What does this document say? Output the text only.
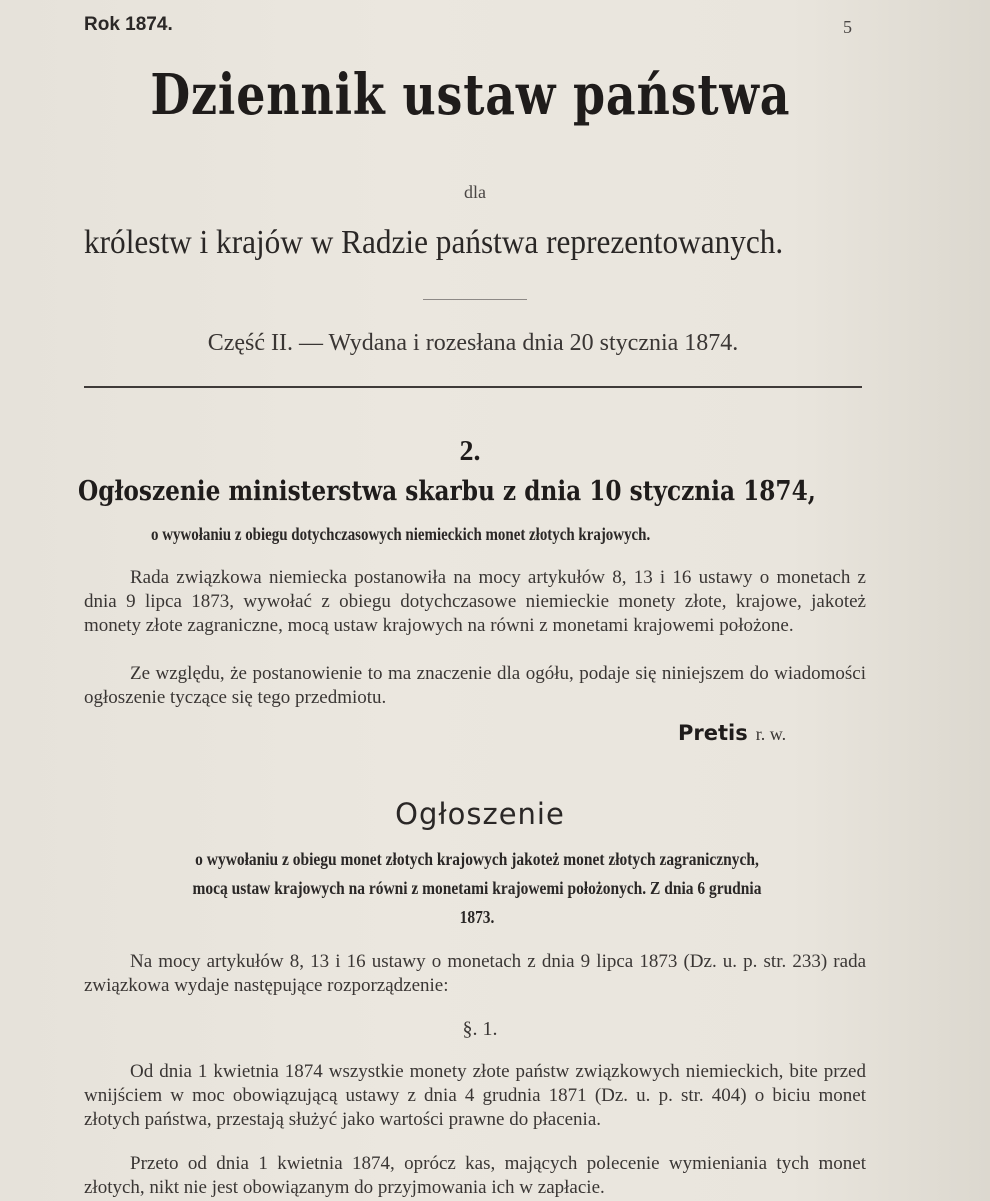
Rok 1874.	5
Dziennik ustaw państwa
dla
królestw i krajów w Radzie państwa reprezentowanych.
Część II. — Wydana i rozesłana dnia 20 stycznia 1874.
2.
Ogłoszenie ministerstwa skarbu z dnia 10 stycznia 1874,
o wywołaniu z obiegu dotychczasowych niemieckich monet złotych krajowych.

Rada związkowa niemiecka postanowiła na mocy artykułów 8, 13 i 16 ustawy o monetach z dnia 9 lipca 1873, wywołać z obiegu dotychczasowe niemieckie monety złote, krajowe, jakoteż monety złote zagraniczne, mocą ustaw krajowych na równi z monetami krajowemi położone.

Ze względu, że postanowienie to ma znaczenie dla ogółu, podaje się niniejszem do wiadomości ogłoszenie tyczące się tego przedmiotu.

Pretis r. w.
Ogłoszenie
o wywołaniu z obiegu monet złotych krajowych jakoteż monet złotych zagranicznych,
mocą ustaw krajowych na równi z monetami krajowemi położonych. Z dnia 6 grudnia
1873.

Na mocy artykułów 8, 13 i 16 ustawy o monetach z dnia 9 lipca 1873 (Dz. u. p. str. 233) rada związkowa wydaje następujące rozporządzenie:

§. 1.

Od dnia 1 kwietnia 1874 wszystkie monety złote państw związkowych niemieckich, bite przed wnijściem w moc obowiązującą ustawy z dnia 4 grudnia 1871 (Dz. u. p. str. 404) o biciu monet złotych państwa, przestają służyć jako wartości prawne do płacenia.

Przeto od dnia 1 kwietnia 1874, oprócz kas, mających polecenie wymieniania tych monet złotych, nikt nie jest obowiązanym do przyjmowania ich w zapłacie.
